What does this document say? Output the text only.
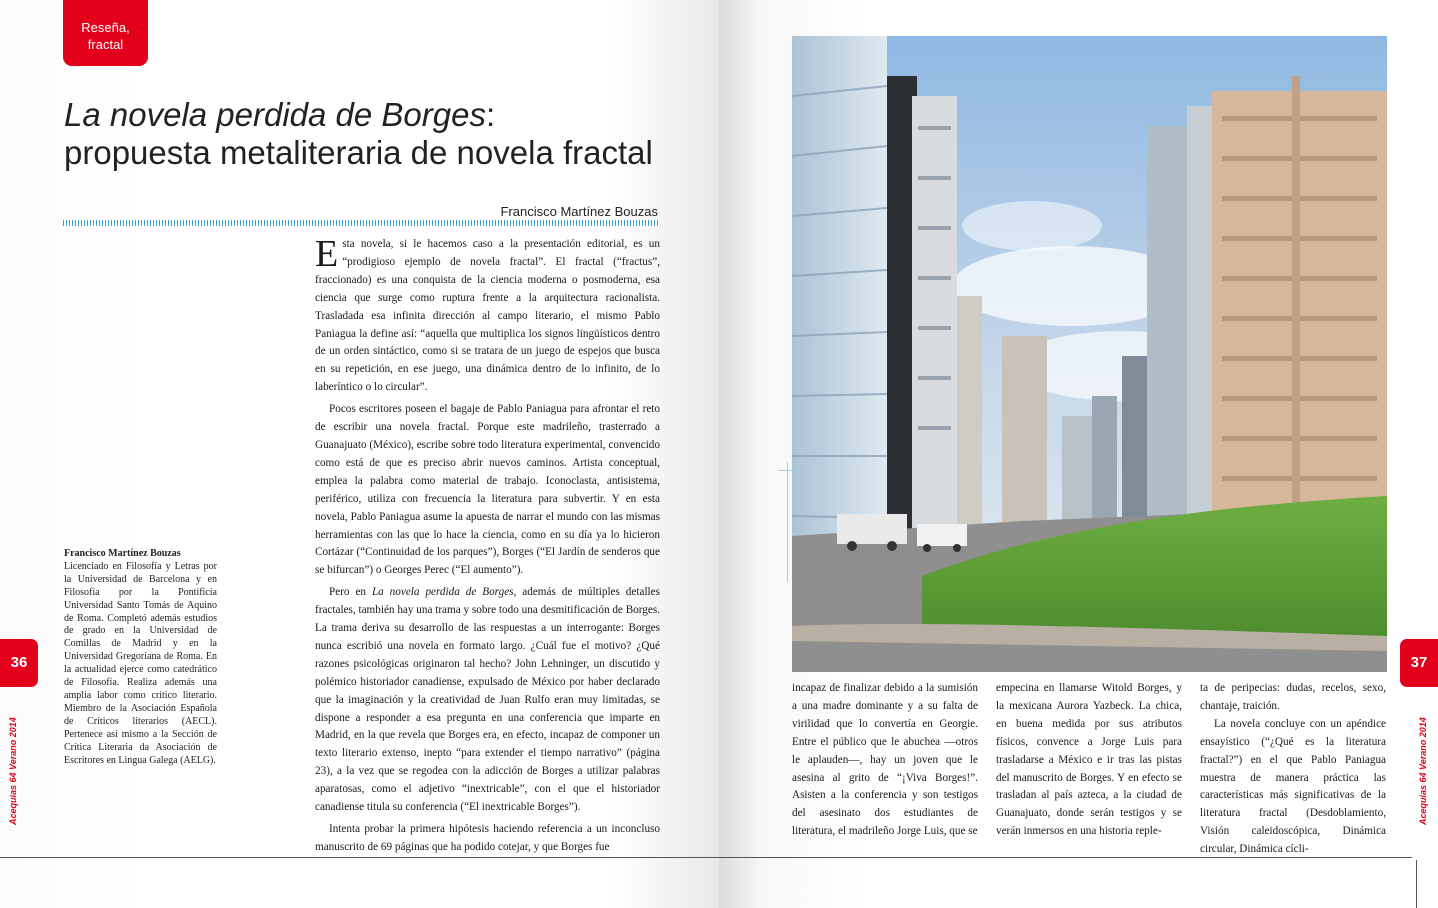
Reseña,
fractal
La novela perdida de Borges:
propuesta metaliteraria de novela fractal
Francisco Martínez Bouzas
Francisco Martínez Bouzas
Licenciado en Filosofía y Letras por la Universidad de Barcelona y en Filosofía por la Pontificia Universidad Santo Tomás de Aquino de Roma. Completó además estudios de grado en la Universidad de Comillas de Madrid y en la Universidad Gregoriana de Roma. En la actualidad ejerce como catedrático de Filosofía. Realiza además una amplia labor como crítico literario. Miembro de la Asociación Española de Críticos literarios (AECL). Pertenece así mismo a la Sección de Crítica Literaria da Asociación de Escritores en Lingua Galega (AELG).

Esta novela, si le hacemos caso a la presentación editorial, es un “prodigioso ejemplo de novela fractal”. El fractal (“fractus”, fraccionado) es una conquista de la ciencia moderna o posmoderna, esa ciencia que surge como ruptura frente a la arquitectura racionalista. Trasladada esa infinita dirección al campo literario, el mismo Pablo Paniagua la define así: “aquella que multiplica los signos lingüísticos dentro de un orden sintáctico, como si se tratara de un juego de espejos que busca en su repetición, en ese juego, una dinámica dentro de lo infinito, de lo laberíntico o lo circular”.

Pocos escritores poseen el bagaje de Pablo Paniagua para afrontar el reto de escribir una novela fractal. Porque este madrileño, trasterrado a Guanajuato (México), escribe sobre todo literatura experimental, convencido como está de que es preciso abrir nuevos caminos. Artista conceptual, emplea la palabra como material de trabajo. Iconoclasta, antisistema, periférico, utiliza con frecuencia la literatura para subvertir. Y en esta novela, Pablo Paniagua asume la apuesta de narrar el mundo con las mismas herramientas con las que lo hace la ciencia, como en su día ya lo hicieron Cortázar (“Continuidad de los parques”), Borges (“El Jardín de senderos que se bifurcan”) o Georges Perec (“El aumento”).

Pero en La novela perdida de Borges, además de múltiples detalles fractales, también hay una trama y sobre todo una desmitificación de Borges. La trama deriva su desarrollo de las respuestas a un interrogante: Borges nunca escribió una novela en formato largo. ¿Cuál fue el motivo? ¿Qué razones psicológicas originaron tal hecho? John Lehninger, un discutido y polémico historiador canadiense, expulsado de México por haber declarado que la imaginación y la creatividad de Juan Rulfo eran muy limitadas, se dispone a responder a esa pregunta en una conferencia que imparte en Madrid, en la que revela que Borges era, en efecto, incapaz de componer un texto literario extenso, inepto “para extender el tiempo narrativo” (página 23), a la vez que se regodea con la adicción de Borges a utilizar palabras aparatosas, como el adjetivo “inextricable”, con el que el historiador canadiense titula su conferencia (“El inextricable Borges”).

Intenta probar la primera hipótesis haciendo referencia a un inconcluso manuscrito de 69 páginas que ha podido cotejar, y que Borges fue

36
Acequias 64 Verano 2014

incapaz de finalizar debido a la sumisión a una madre dominante y a su falta de virilidad que lo convertía en Georgie. Entre el público que le abuchea —otros le aplauden—, hay un joven que le asesina al grito de “¡Viva Borges!”. Asisten a la conferencia y son testigos del asesinato dos estudiantes de literatura, el madrileño Jorge Luis, que se

empecina en llamarse Witold Borges, y la mexicana Aurora Yazbeck. La chica, en buena medida por sus atributos físicos, convence a Jorge Luis para trasladarse a México e ir tras las pistas del manuscrito de Borges. Y en efecto se trasladan al país azteca, a la ciudad de Guanajuato, donde serán testigos y se verán inmersos en una historia reple-

ta de peripecias: dudas, recelos, sexo, chantaje, traición.

La novela concluye con un apéndice ensayístico (“¿Qué es la literatura fractal?”) en el que Pablo Paniagua muestra de manera práctica las características más significativas de la literatura fractal (Desdoblamiento, Visión caleidoscópica, Dinámica circular, Dinámica cícli-

37
Acequias 64 Verano 2014
